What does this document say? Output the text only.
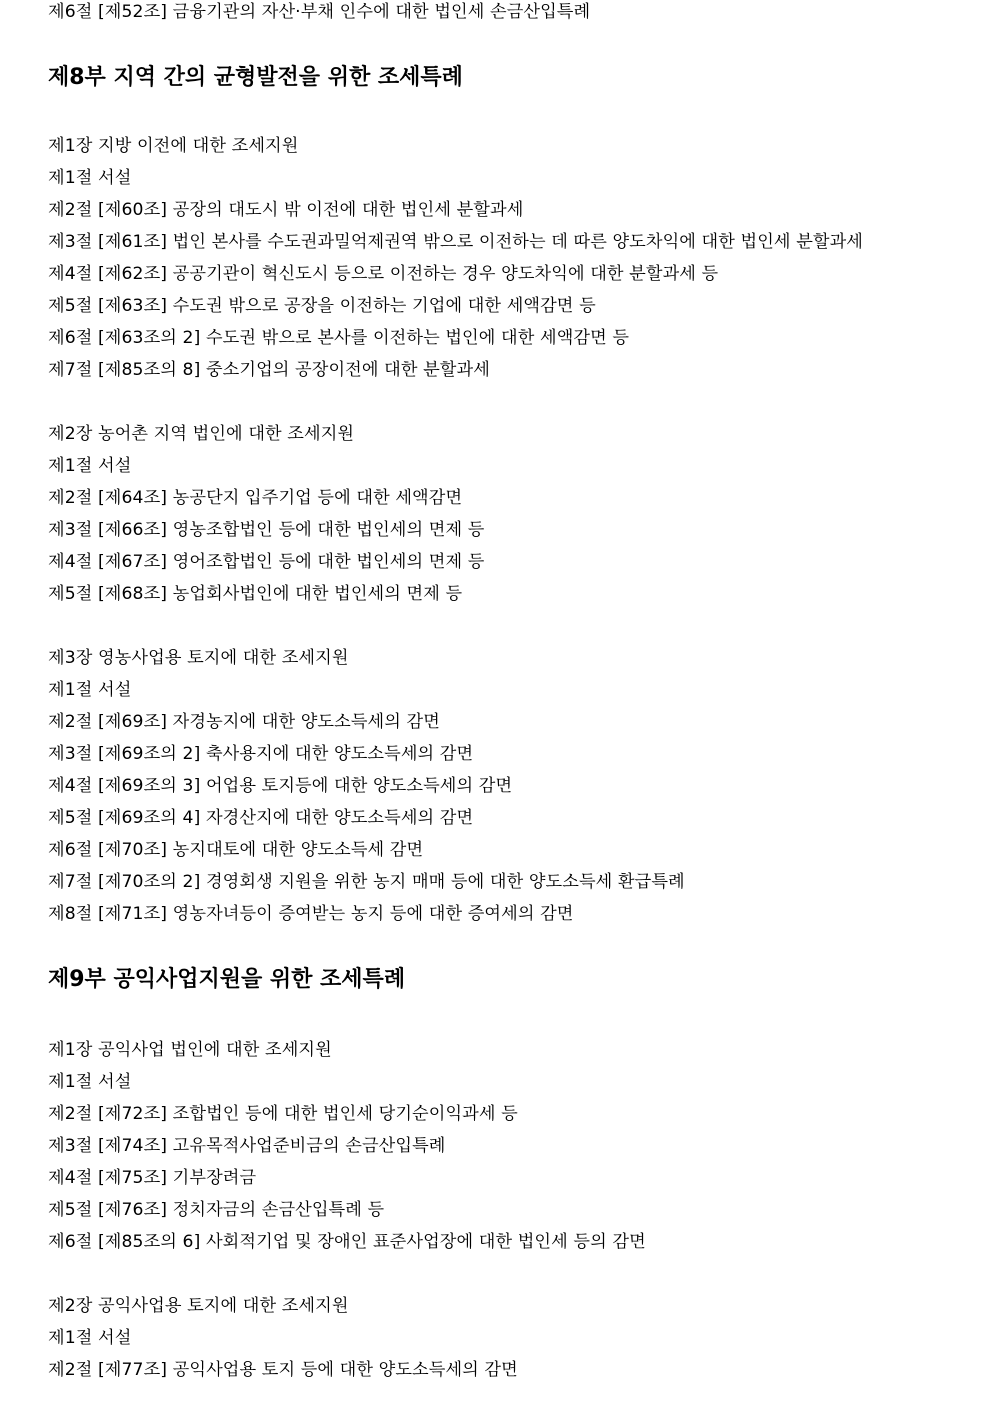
제6절 [제52조] 금융기관의 자산·부채 인수에 대한 법인세 손금산입특례
제8부 지역 간의 균형발전을 위한 조세특례
제1장 지방 이전에 대한 조세지원
제1절 서설
제2절 [제60조] 공장의 대도시 밖 이전에 대한 법인세 분할과세
제3절 [제61조] 법인 본사를 수도권과밀억제권역 밖으로 이전하는 데 따른 양도차익에 대한 법인세 분할과세
제4절 [제62조] 공공기관이 혁신도시 등으로 이전하는 경우 양도차익에 대한 분할과세 등
제5절 [제63조] 수도권 밖으로 공장을 이전하는 기업에 대한 세액감면 등
제6절 [제63조의 2] 수도권 밖으로 본사를 이전하는 법인에 대한 세액감면 등
제7절 [제85조의 8] 중소기업의 공장이전에 대한 분할과세
제2장 농어촌 지역 법인에 대한 조세지원
제1절 서설
제2절 [제64조] 농공단지 입주기업 등에 대한 세액감면
제3절 [제66조] 영농조합법인 등에 대한 법인세의 면제 등
제4절 [제67조] 영어조합법인 등에 대한 법인세의 면제 등
제5절 [제68조] 농업회사법인에 대한 법인세의 면제 등
제3장 영농사업용 토지에 대한 조세지원
제1절 서설
제2절 [제69조] 자경농지에 대한 양도소득세의 감면
제3절 [제69조의 2] 축사용지에 대한 양도소득세의 감면
제4절 [제69조의 3] 어업용 토지등에 대한 양도소득세의 감면
제5절 [제69조의 4] 자경산지에 대한 양도소득세의 감면
제6절 [제70조] 농지대토에 대한 양도소득세 감면
제7절 [제70조의 2] 경영회생 지원을 위한 농지 매매 등에 대한 양도소득세 환급특례
제8절 [제71조] 영농자녀등이 증여받는 농지 등에 대한 증여세의 감면
제9부 공익사업지원을 위한 조세특례
제1장 공익사업 법인에 대한 조세지원
제1절 서설
제2절 [제72조] 조합법인 등에 대한 법인세 당기순이익과세 등
제3절 [제74조] 고유목적사업준비금의 손금산입특례
제4절 [제75조] 기부장려금
제5절 [제76조] 정치자금의 손금산입특례 등
제6절 [제85조의 6] 사회적기업 및 장애인 표준사업장에 대한 법인세 등의 감면
제2장 공익사업용 토지에 대한 조세지원
제1절 서설
제2절 [제77조] 공익사업용 토지 등에 대한 양도소득세의 감면
